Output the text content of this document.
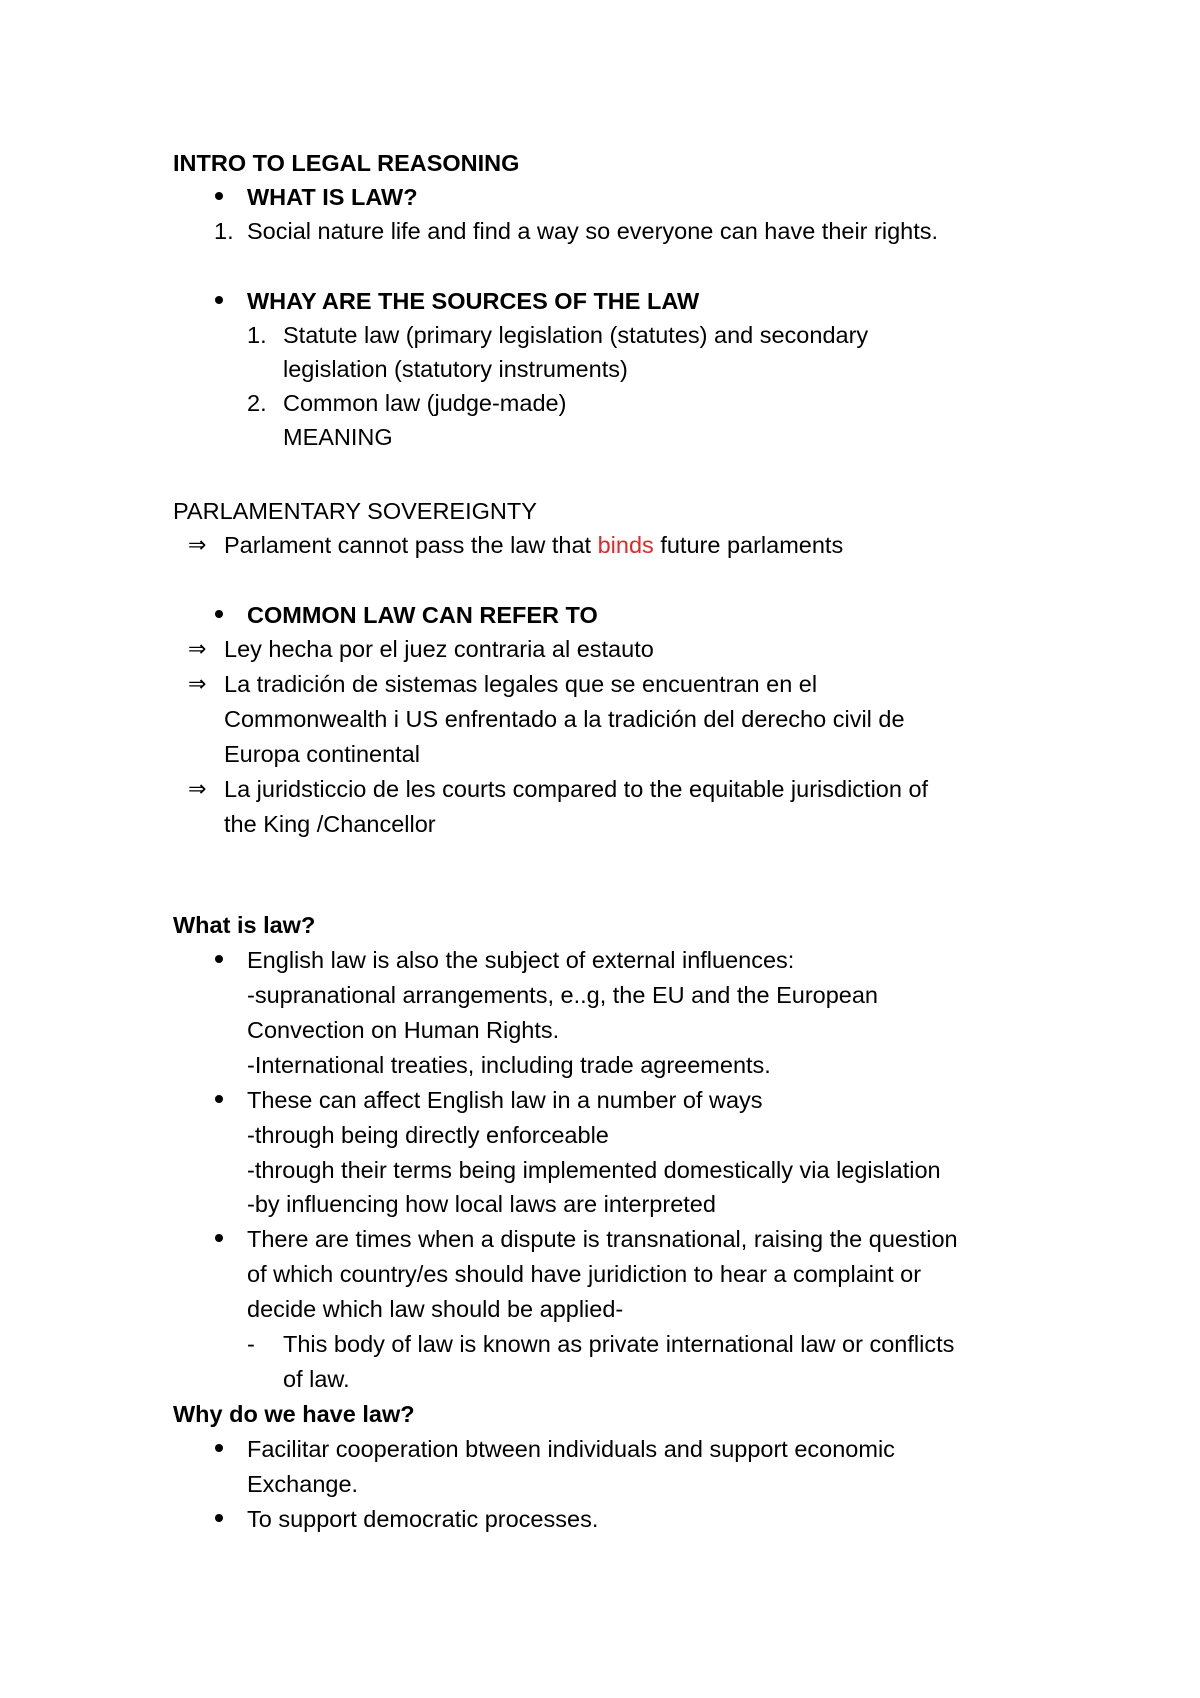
INTRO TO LEGAL REASONING
WHAT IS LAW?
1. Social nature life and find a way so everyone can have their rights.
WHAY ARE THE SOURCES OF THE LAW
1. Statute law (primary legislation (statutes) and secondary
legislation (statutory instruments)
2. Common law (judge-made)
MEANING
PARLAMENTARY SOVEREIGNTY
⇒ Parlament cannot pass the law that binds future parlaments
COMMON LAW CAN REFER TO
⇒ Ley hecha por el juez contraria al estauto
⇒ La tradición de sistemas legales que se encuentran en el
Commonwealth i US enfrentado a la tradición del derecho civil de
Europa continental
⇒ La juridsticcio de les courts compared to the equitable jurisdiction of
the King /Chancellor
What is law?
English law is also the subject of external influences:
-supranational arrangements, e..g, the EU and the European
Convection on Human Rights.
-International treaties, including trade agreements.
These can affect English law in a number of ways
-through being directly enforceable
-through their terms being implemented domestically via legislation
-by influencing how local laws are interpreted
There are times when a dispute is transnational, raising the question
of which country/es should have juridiction to hear a complaint or
decide which law should be applied-
- This body of law is known as private international law or conflicts
of law.
Why do we have law?
Facilitar cooperation btween individuals and support economic
Exchange.
To support democratic processes.
